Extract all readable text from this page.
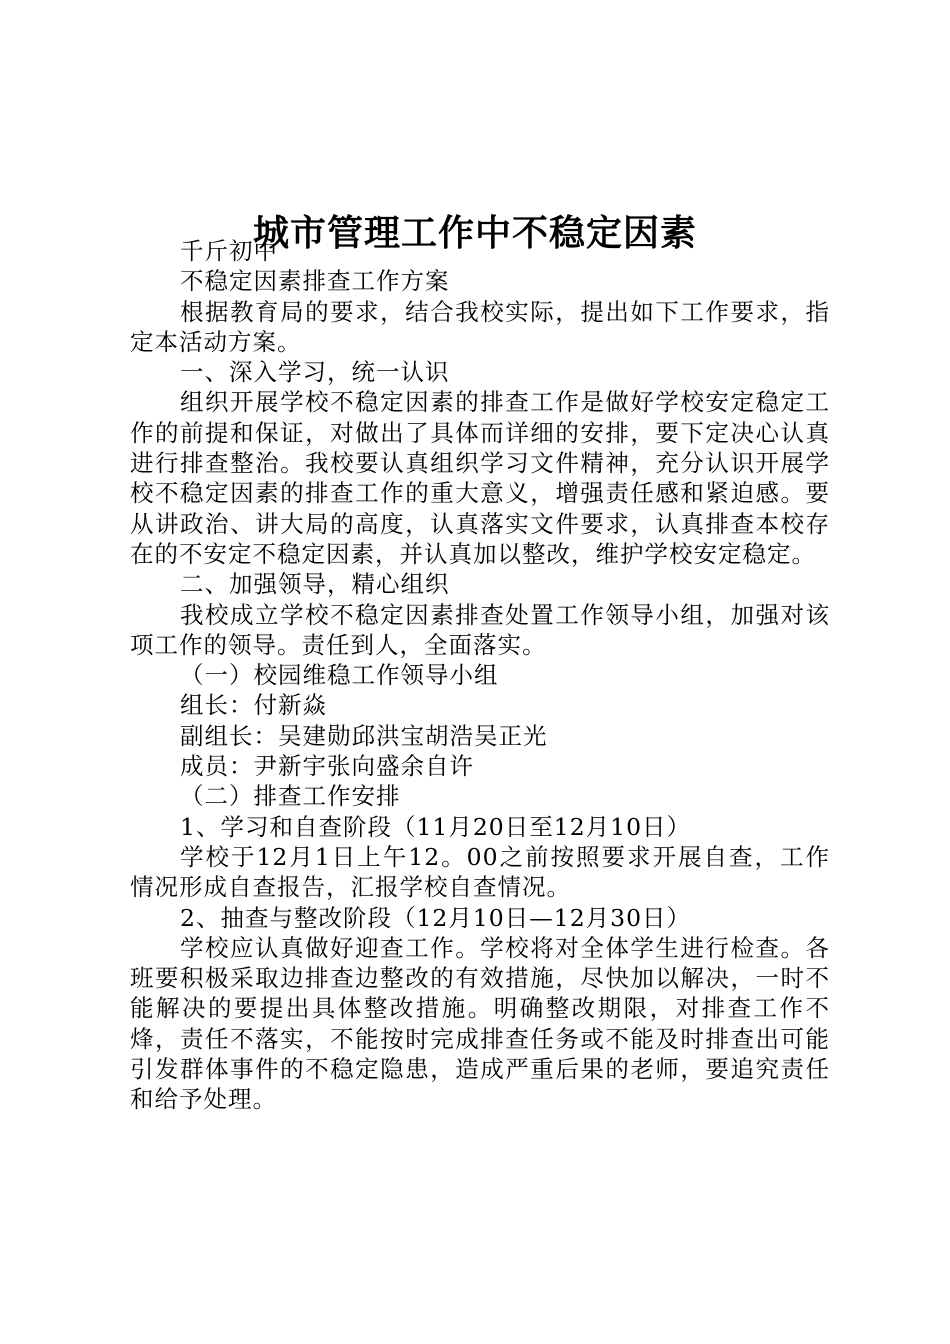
城市管理工作中不稳定因素

千斤初中

不稳定因素排查工作方案

根据教育局的要求，结合我校实际，提出如下工作要求，指定本活动方案。

一、深入学习，统一认识

组织开展学校不稳定因素的排查工作是做好学校安定稳定工作的前提和保证，对做出了具体而详细的安排，要下定决心认真进行排查整治。我校要认真组织学习文件精神，充分认识开展学校不稳定因素的排查工作的重大意义，增强责任感和紧迫感。要从讲政治、讲大局的高度，认真落实文件要求，认真排查本校存在的不安定不稳定因素，并认真加以整改，维护学校安定稳定。

二、加强领导，精心组织

我校成立学校不稳定因素排查处置工作领导小组，加强对该项工作的领导。责任到人，全面落实。

（一）校园维稳工作领导小组

组长：付新焱

副组长：吴建勋邱洪宝胡浩吴正光

成员：尹新宇张向盛余自许

（二）排查工作安排

1、学习和自查阶段（11月20日至12月10日）

学校于12月1日上午12。00之前按照要求开展自查，工作情况形成自查报告，汇报学校自查情况。

2、抽查与整改阶段（12月10日—12月30日）

学校应认真做好迎查工作。学校将对全体学生进行检查。各班要积极采取边排查边整改的有效措施，尽快加以解决，一时不能解决的要提出具体整改措施。明确整改期限，对排查工作不烽，责任不落实，不能按时完成排查任务或不能及时排查出可能引发群体事件的不稳定隐患，造成严重后果的老师，要追究责任和给予处理。
